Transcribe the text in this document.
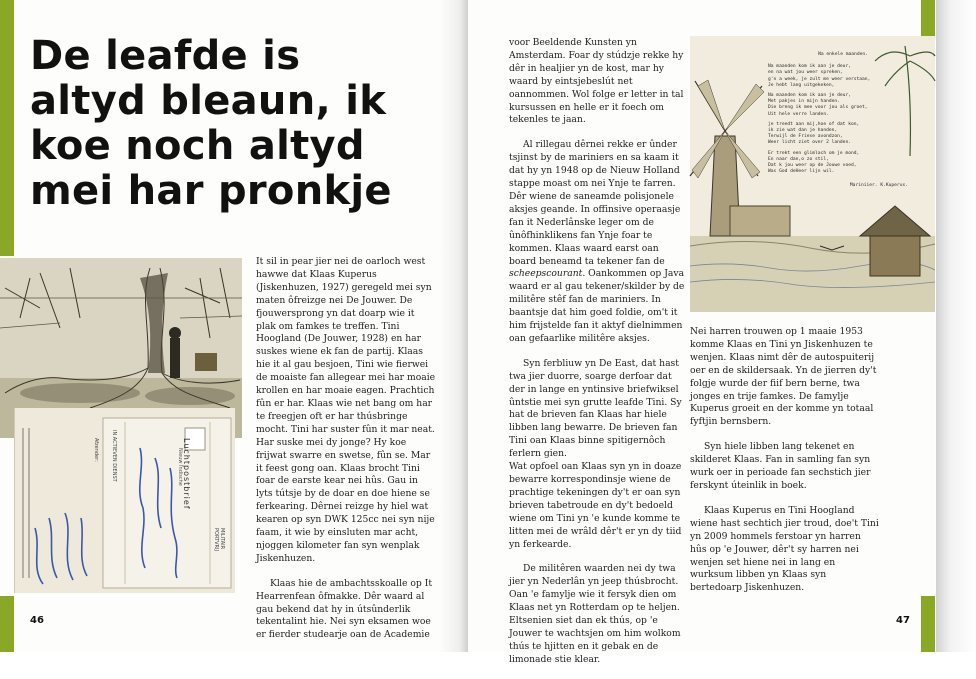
De leafde is altyd bleaun, ik koe noch altyd mei har pronkje
Luchtpostbrief
Nieuw Indische
IN ACTIEVEN DIENST
MILITAIR
PORTVRIJ
Afzender:

It sil in pear jier nei de oarloch west hawwe dat Klaas Kuperus (Jiskenhuzen, 1927) geregeld mei syn maten ôfreizge nei De Jouwer. De fjouwersprong yn dat doarp wie it plak om famkes te treffen. Tini Hoogland (De Jouwer, 1928) en har suskes wiene ek fan de partij. Klaas hie it al gau besjoen, Tini wie fierwei de moaiste fan allegear mei har moaie krollen en har moaie eagen. Prachtich fûn er har. Klaas wie net bang om har te freegjen oft er har thúsbringe mocht. Tini har suster fûn it mar neat.

Har suske mei dy jonge? Hy koe frijwat swarre en swetse, fûn se. Mar it feest gong oan. Klaas brocht Tini foar de earste kear nei hûs. Gau in lyts tútsje by de doar en doe hiene se ferkearing. Dêrnei reizge hy hiel wat kearen op syn DWK 125cc nei syn nije faam, it wie by einsluten mar acht, njoggen kilometer fan syn wenplak Jiskenhuzen.

Klaas hie de ambachtsskoalle op It Hearrenfean ôfmakke. Dêr waard al gau bekend dat hy in útsûnderlik tekentalint hie. Nei syn eksamen woe er fierder studearje oan de Academie

46

voor Beeldende Kunsten yn Amsterdam. Foar dy stúdzje rekke hy dêr in healjier yn de kost, mar hy waard by eintsjebeslút net oannommen. Wol folge er letter in tal kursussen en helle er it foech om tekenles te jaan.

Al rillegau dêrnei rekke er ûnder tsjinst by de mariniers en sa kaam it dat hy yn 1948 op de Nieuw Holland stappe moast om nei Ynje te farren. Dêr wiene de saneamde polisjonele aksjes geande. In offinsive operaasje fan it Nederlânske leger om de ûnôfhinklikens fan Ynje foar te kommen. Klaas waard earst oan board beneamd ta tekener fan de scheepscourant. Oankommen op Java waard er al gau tekener/skilder by de militêre stêf fan de mariniers. In baantsje dat him goed foldie, om't it him frijstelde fan it aktyf dielnimmen oan gefaarlike militêre aksjes.

Syn ferbliuw yn De East, dat hast twa jier duorre, soarge derfoar dat der in lange en yntinsive briefwiksel ûntstie mei syn grutte leafde Tini. Sy hat de brieven fan Klaas har hiele libben lang bewarre. De brieven fan Tini oan Klaas binne spitigernôch ferlern gien.

Wat opfoel oan Klaas syn yn in doaze bewarre korrespondinsje wiene de prachtige tekeningen dy't er oan syn brieven tabetroude en dy't bedoeld wiene om Tini yn 'e kunde komme te litten mei de wrâld dêr't er yn dy tiid yn ferkearde.

De militêren waarden nei dy twa jier yn Nederlân yn jeep thúsbrocht. Oan 'e famylje wie it fersyk dien om Klaas net yn Rotterdam op te heljen. Eltsenien siet dan ek thús, op 'e Jouwer te wachtsjen om him wolkom thús te hjitten en it gebak en de limonade stie klear.

Na enkele maanden.
Na maanden kom ik aan je deur,
en na wat jou weer spreken,
g'n a week, je zult me weer verstaan,
Je hebt lang uitgekeken,
Na maanden kom ik aan je deur,
Met pakjes in mijn handen.
Die breng ik mee voor jou als groet,
Uit hele verre landen.
je treedt aan mij,hoe of dat kon,
ik zie wat dan je handen,
Terwijl de Friese avondzon,
Weer licht ziet over 2 landen.
Er trekt een glimlach om je mond,
En naar dan,o zo stil,
Dat k jou weer op de Jouwe voed,
Was God deHeer lijn wil.
Mariniier. K.Kuperus.

Nei harren trouwen op 1 maaie 1953 komme Klaas en Tini yn Jiskenhuzen te wenjen. Klaas nimt dêr de autospuiterij oer en de skildersaak. Yn de jierren dy't folgje wurde der fiif bern berne, twa jonges en trije famkes. De famylje Kuperus groeit en der komme yn totaal fyftjin bernsbern.

Syn hiele libben lang tekenet en skilderet Klaas. Fan in samling fan syn wurk oer in perioade fan sechstich jier ferskynt úteinlik in boek.

Klaas Kuperus en Tini Hoogland wiene hast sechtich jier troud, doe't Tini yn 2009 hommels ferstoar yn harren hûs op 'e Jouwer, dêr't sy harren nei wenjen set hiene nei in lang en wurksum libben yn Klaas syn bertedoarp Jiskenhuzen.

47
